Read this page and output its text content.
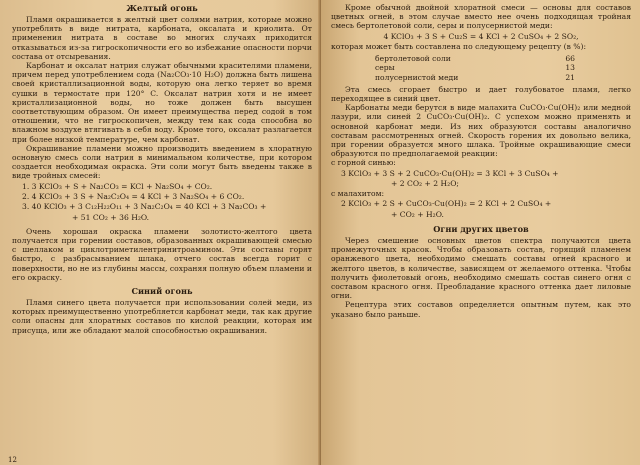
Желтый огонь

Пламя окрашивается в желтый цвет солями натрия, которые можно употреблять в виде нитрата, карбоната, оксалата и криолита. От применения нитрата в составе во многих случаях приходится отказываться из-за гигроскопичности его во избежание опасности порчи состава от отсыревания.

Карбонат и оксалат натрия служат обычными красителями пламени, причем перед употреблением сода (Na₂CO₃·10 H₂O) должна быть лишена своей кристаллизационной воды, которую она легко теряет во время сушки в термостате при 120° C. Оксалат натрия хотя и не имеет кристаллизационной воды, но тоже должен быть высушен соответствующим образом. Он имеет преимущества перед содой в том отношении, что не гигроскопичен, между тем как сода способна во влажном воздухе втягивать в себя воду. Кроме того, оксалат разлагается при более низкой температуре, чем карбонат.

Окрашивание пламени можно производить введением в хлоратную основную смесь соли натрия в минимальном количестве, при котором создается необходимая окраска. Эти соли могут быть введены также в виде тройных смесей:

1. 3 KClO₃ + S + Na₂CO₃ = KCl + Na₂SO₄ + CO₂.
2. 4 KClO₃ + 3 S + Na₂C₂O₄ = 4 KCl + 3 Na₂SO₄ + 6 CO₂.
3. 40 KClO₃ + 3 C₁₂H₂₂O₁₁ + 3 Na₂C₂O₄ = 40 KCl + 3 Na₂CO₃ +
+ 51 CO₂ + 36 H₂O.

Очень хорошая окраска пламени золотисто-желтого цвета получается при горении составов, образованных окрашивающей смесью с шеллаком и циклотриметилентринитроамином. Эти составы горят быстро, с разбрасыванием шлака, отчего состав всегда горит с поверхности, но не из глубины массы, сохраняя полную объем пламени и его окраску.

Синий огонь

Пламя синего цвета получается при использовании солей меди, из которых преимущественно употребляется карбонат меди, так как другие соли опасны для хлоратных составов по кислой реакции, которая им присуща, или же обладают малой способностью окрашивания.

12

Кроме обычной двойной хлоратной смеси — основы для составов цветных огней, в этом случае вместо нее очень подходящая тройная смесь бертолетовой соли, серы и полусернистой меди:

4 KClO₃ + 3 S + Cu₂S = 4 KCl + 2 CuSO₄ + 2 SO₂,

которая может быть составлена по следующему рецепту (в %):

бертолетовой соли	66
серы	13
полусернистой меди	21

Эта смесь сгорает быстро и дает голубоватое пламя, легко переходящее в синий цвет.

Карбонаты меди берутся в виде малахита CuCO₃·Cu(OH)₂ или медной лазури, или синей 2 CuCO₃·Cu(OH)₂. С успехом можно применять и основной карбонат меди. Из них образуются составы аналогично составам рассмотренных огней. Скорость горения их довольно велика, при горении образуется много шлака. Тройные окрашивающие смеси образуются по предполагаемой реакции:

с горной синью:

3 KClO₃ + 3 S + 2 CuCO₃·Cu(OH)₂ = 3 KCl + 3 CuSO₄ +
+ 2 CO₂ + 2 H₂O;

с малахитом:

2 KClO₃ + 2 S + CuCO₃·Cu(OH)₂ = 2 KCl + 2 CuSO₄ +
+ CO₂ + H₂O.
Огни других цветов

Через смешение основных цветов спектра получаются цвета промежуточных красок. Чтобы образовать состав, горящий пламенем оранжевого цвета, необходимо смешать составы огней красного и желтого цветов, в количестве, зависящем от желаемого оттенка. Чтобы получить фиолетовый огонь, необходимо смешать состав синего огня с составом красного огня. Преобладание красного оттенка дает лиловые огни.

Рецептура этих составов определяется опытным путем, как это указано было раньше.
